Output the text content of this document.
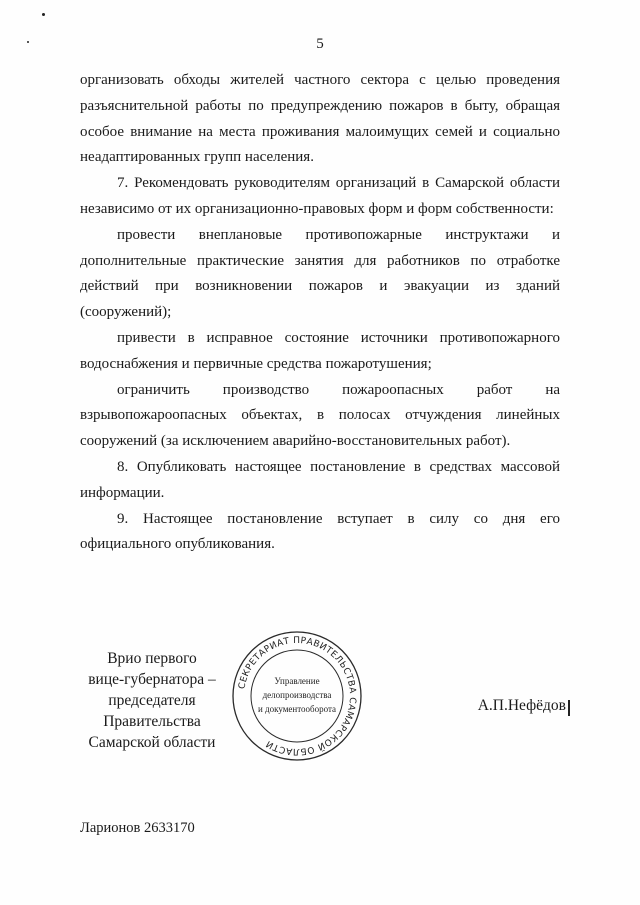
5

организовать обходы жителей частного сектора с целью проведения разъяснительной работы по предупреждению пожаров в быту, обращая особое внимание на места проживания малоимущих семей и социально неадаптированных групп населения.

7. Рекомендовать руководителям организаций в Самарской области независимо от их организационно-правовых форм и форм собственности:

провести внеплановые противопожарные инструктажи и дополнительные практические занятия для работников по отработке действий при возникновении пожаров и эвакуации из зданий (сооружений);

привести в исправное состояние источники противопожарного водоснабжения и первичные средства пожаротушения;

ограничить производство пожароопасных работ на взрывопожароопасных объектах, в полосах отчуждения линейных сооружений (за исключением аварийно-восстановительных работ).

8. Опубликовать настоящее постановление в средствах массовой информации.

9. Настоящее постановление вступает в силу со дня его официального опубликования.

Врио первого
вице-губернатора –
председателя Правительства
Самарской области
СЕКРЕТАРИАТ ПРАВИТЕЛЬСТВА САМАРСКОЙ ОБЛАСТИ
Управление
делопроизводства
и документооборота	А.П.Нефёдов
Ларионов 2633170
